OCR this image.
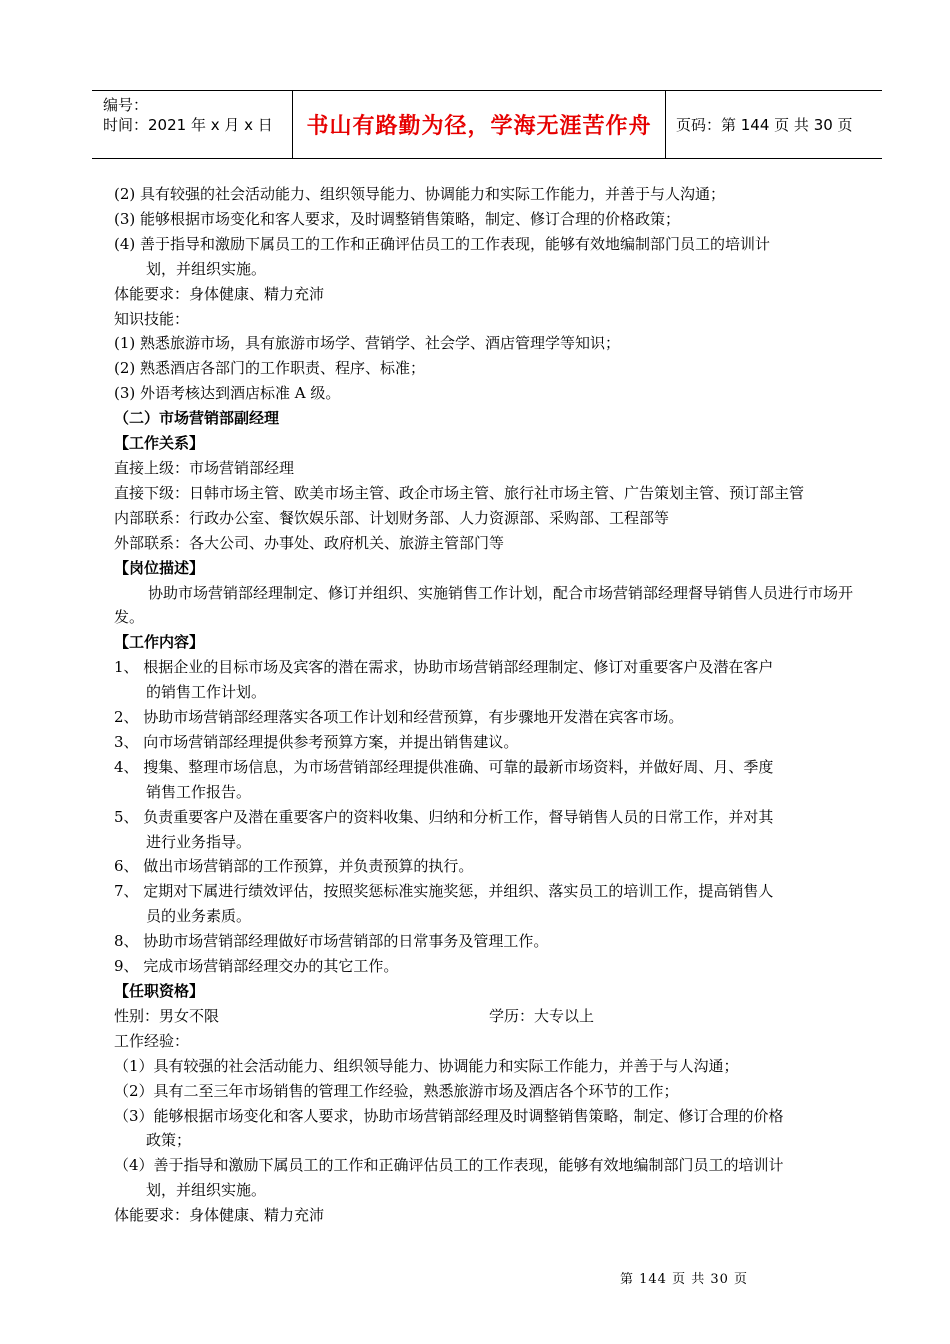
编号：
时间：2021 年 x 月 x 日	书山有路勤为径，学海无涯苦作舟	页码：第 144 页 共 30 页
(2) 具有较强的社会活动能力、组织领导能力、协调能力和实际工作能力，并善于与人沟通；
(3) 能够根据市场变化和客人要求，及时调整销售策略，制定、修订合理的价格政策；
(4) 善于指导和激励下属员工的工作和正确评估员工的工作表现，能够有效地编制部门员工的培训计
划，并组织实施。
体能要求：身体健康、精力充沛
知识技能：
(1) 熟悉旅游市场，具有旅游市场学、营销学、社会学、酒店管理学等知识；
(2) 熟悉酒店各部门的工作职责、程序、标准；
(3) 外语考核达到酒店标准 A 级。
（二）市场营销部副经理
【工作关系】
直接上级：市场营销部经理
直接下级： 日韩市场主管、欧美市场主管、政企市场主管、旅行社市场主管、广告策划主管、预订部主管
内部联系：行政办公室、餐饮娱乐部、计划财务部、人力资源部、采购部、工程部等
外部联系：各大公司、办事处、政府机关、旅游主管部门等
【岗位描述】
协助市场营销部经理制定、修订并组织、实施销售工作计划，配合市场营销部经理督导销售人员进行市场开发。
【工作内容】
1、 根据企业的目标市场及宾客的潜在需求，协助市场营销部经理制定、修订对重要客户及潜在客户
的销售工作计划。
2、 协助市场营销部经理落实各项工作计划和经营预算，有步骤地开发潜在宾客市场。
3、 向市场营销部经理提供参考预算方案，并提出销售建议。
4、 搜集、整理市场信息，为市场营销部经理提供准确、可靠的最新市场资料，并做好周、月、季度
销售工作报告。
5、 负责重要客户及潜在重要客户的资料收集、归纳和分析工作，督导销售人员的日常工作，并对其
进行业务指导。
6、 做出市场营销部的工作预算，并负责预算的执行。
7、 定期对下属进行绩效评估，按照奖惩标准实施奖惩，并组织、落实员工的培训工作，提高销售人
员的业务素质。
8、 协助市场营销部经理做好市场营销部的日常事务及管理工作。
9、 完成市场营销部经理交办的其它工作。
【任职资格】
性别：男女不限	学历：大专以上
工作经验：
（1）具有较强的社会活动能力、组织领导能力、协调能力和实际工作能力，并善于与人沟通；
（2）具有二至三年市场销售的管理工作经验，熟悉旅游市场及酒店各个环节的工作；
（3）能够根据市场变化和客人要求，协助市场营销部经理及时调整销售策略，制定、修订合理的价格
政策；
（4）善于指导和激励下属员工的工作和正确评估员工的工作表现，能够有效地编制部门员工的培训计
划，并组织实施。
体能要求：身体健康、精力充沛
第 144 页 共 30 页
